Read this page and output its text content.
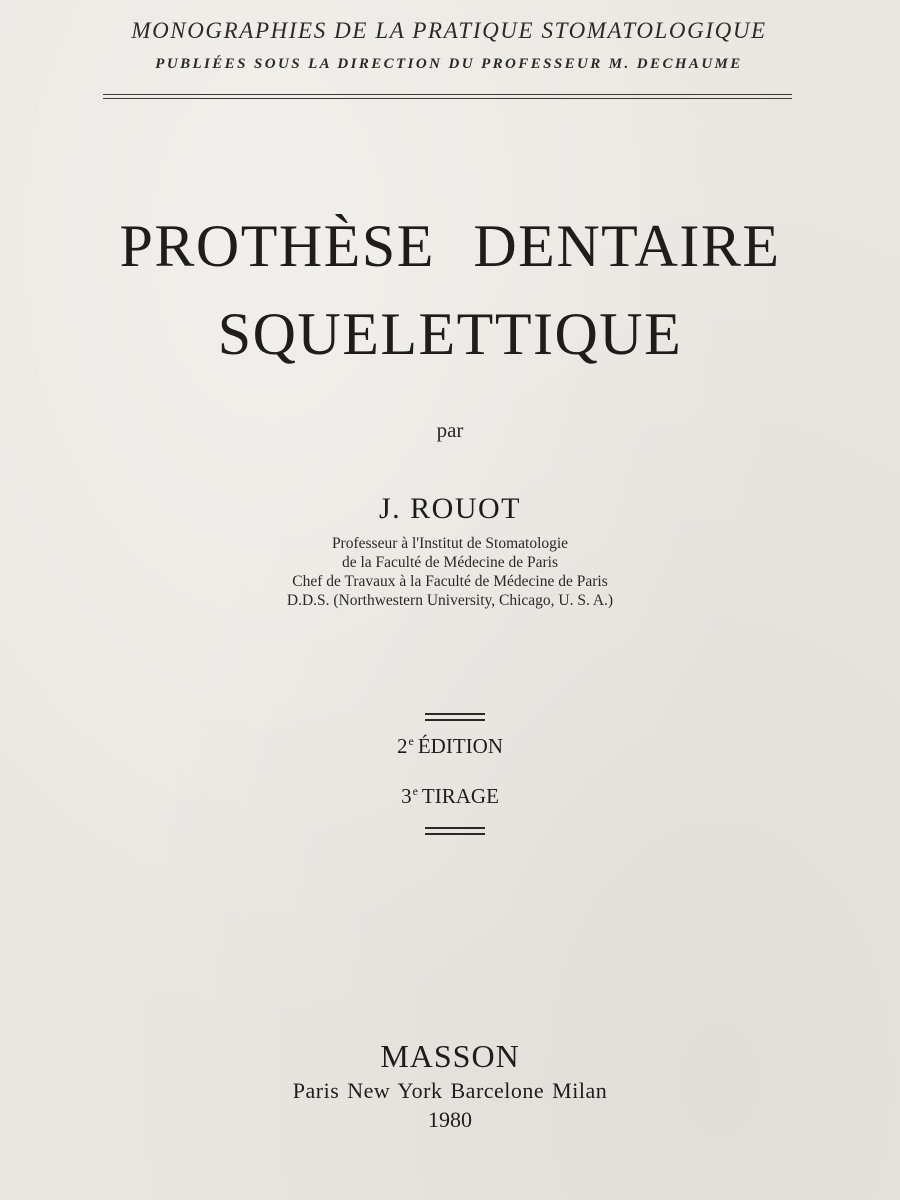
MONOGRAPHIES DE LA PRATIQUE STOMATOLOGIQUE
PUBLIÉES SOUS LA DIRECTION DU PROFESSEUR M. DECHAUME
PROTHÈSE DENTAIRE
SQUELETTIQUE
par
J. ROUOT
Professeur à l'Institut de Stomatologie
de la Faculté de Médecine de Paris
Chef de Travaux à la Faculté de Médecine de Paris
D.D.S. (Northwestern University, Chicago, U. S. A.)
2e ÉDITION
3e TIRAGE
MASSON
Paris New York Barcelone Milan
1980
